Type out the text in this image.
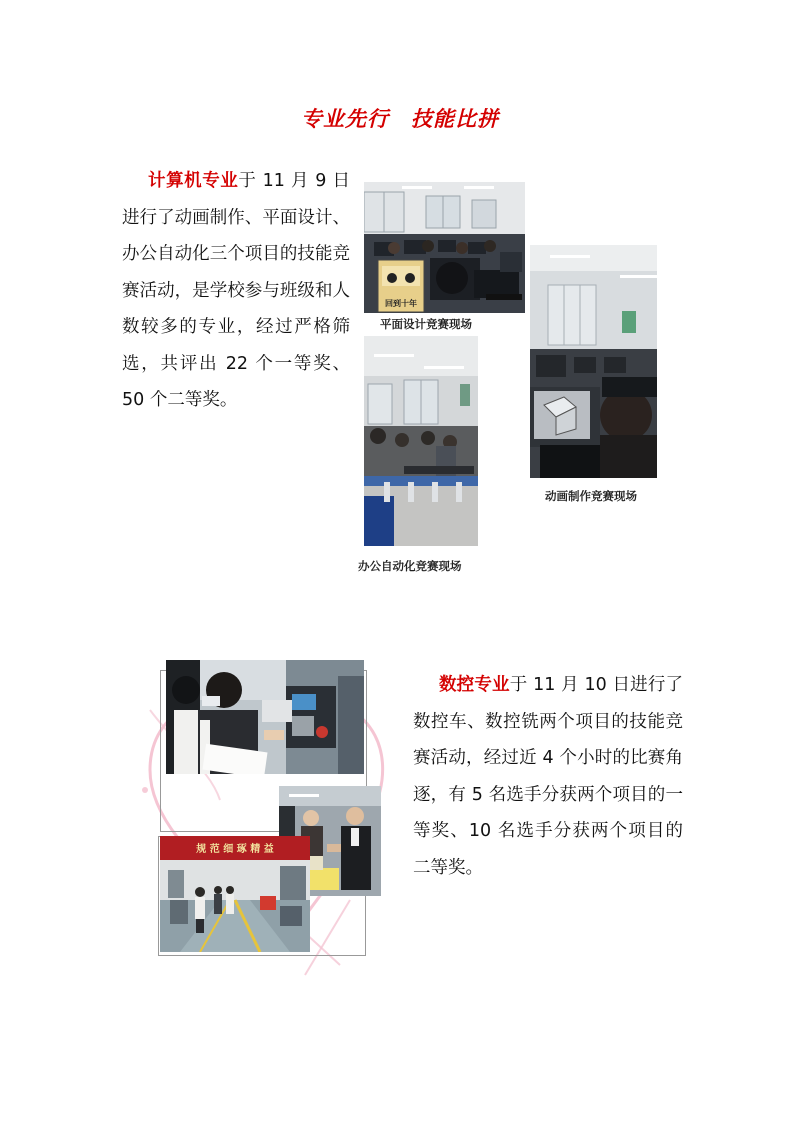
专业先行　技能比拼
计算机专业于 11 月 9 日进行了动画制作、平面设计、办公自动化三个项目的技能竞赛活动，是学校参与班级和人数较多的专业，经过严格筛选，共评出 22 个一等奖、50 个二等奖。
回到十年
平面设计竞赛现场
动画制作竞赛现场
办公自动化竞赛现场
规 范 细 琢 精 益
数控专业于 11 月 10 日进行了数控车、数控铣两个项目的技能竞赛活动，经过近 4 个小时的比赛角逐，有 5 名选手分获两个项目的一等奖、10 名选手分获两个项目的二等奖。
